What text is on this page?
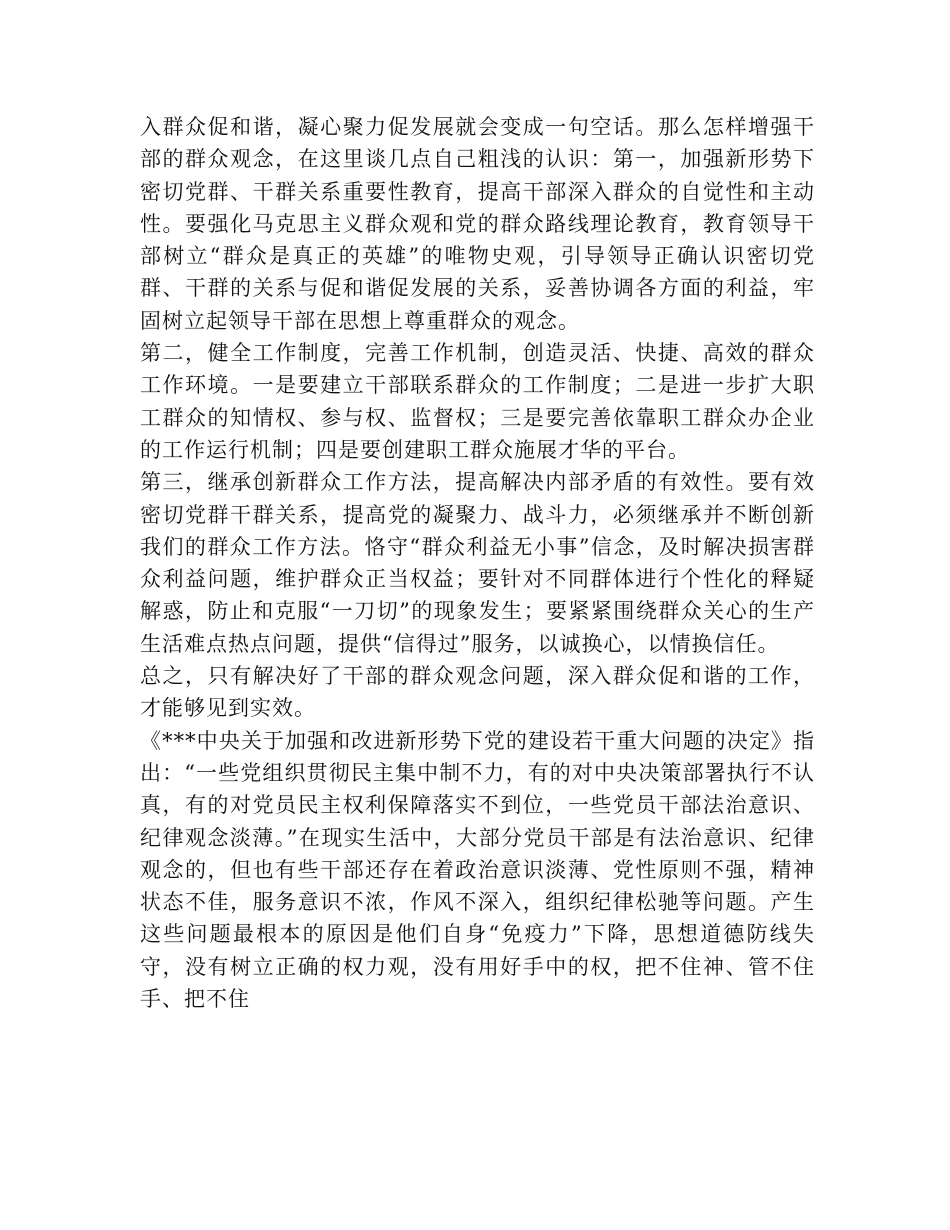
入群众促和谐，凝心聚力促发展就会变成一句空话。那么怎样增强干部的群众观念，在这里谈几点自己粗浅的认识：第一，加强新形势下密切党群、干群关系重要性教育，提高干部深入群众的自觉性和主动性。要强化马克思主义群众观和党的群众路线理论教育，教育领导干部树立“群众是真正的英雄”的唯物史观，引导领导正确认识密切党群、干群的关系与促和谐促发展的关系，妥善协调各方面的利益，牢固树立起领导干部在思想上尊重群众的观念。

第二，健全工作制度，完善工作机制，创造灵活、快捷、高效的群众工作环境。一是要建立干部联系群众的工作制度；二是进一步扩大职工群众的知情权、参与权、监督权；三是要完善依靠职工群众办企业的工作运行机制；四是要创建职工群众施展才华的平台。

第三，继承创新群众工作方法，提高解决内部矛盾的有效性。要有效密切党群干群关系，提高党的凝聚力、战斗力，必须继承并不断创新我们的群众工作方法。恪守“群众利益无小事”信念，及时解决损害群众利益问题，维护群众正当权益；要针对不同群体进行个性化的释疑解惑，防止和克服“一刀切”的现象发生；要紧紧围绕群众关心的生产生活难点热点问题，提供“信得过”服务，以诚换心，以情换信任。

总之，只有解决好了干部的群众观念问题，深入群众促和谐的工作，才能够见到实效。

《***中央关于加强和改进新形势下党的建设若干重大问题的决定》指出：“一些党组织贯彻民主集中制不力，有的对中央决策部署执行不认真，有的对党员民主权利保障落实不到位，一些党员干部法治意识、纪律观念淡薄。”在现实生活中，大部分党员干部是有法治意识、纪律观念的，但也有些干部还存在着政治意识淡薄、党性原则不强，精神状态不佳，服务意识不浓，作风不深入，组织纪律松驰等问题。产生这些问题最根本的原因是他们自身“免疫力”下降，思想道德防线失守，没有树立正确的权力观，没有用好手中的权，把不住神、管不住手、把不住
